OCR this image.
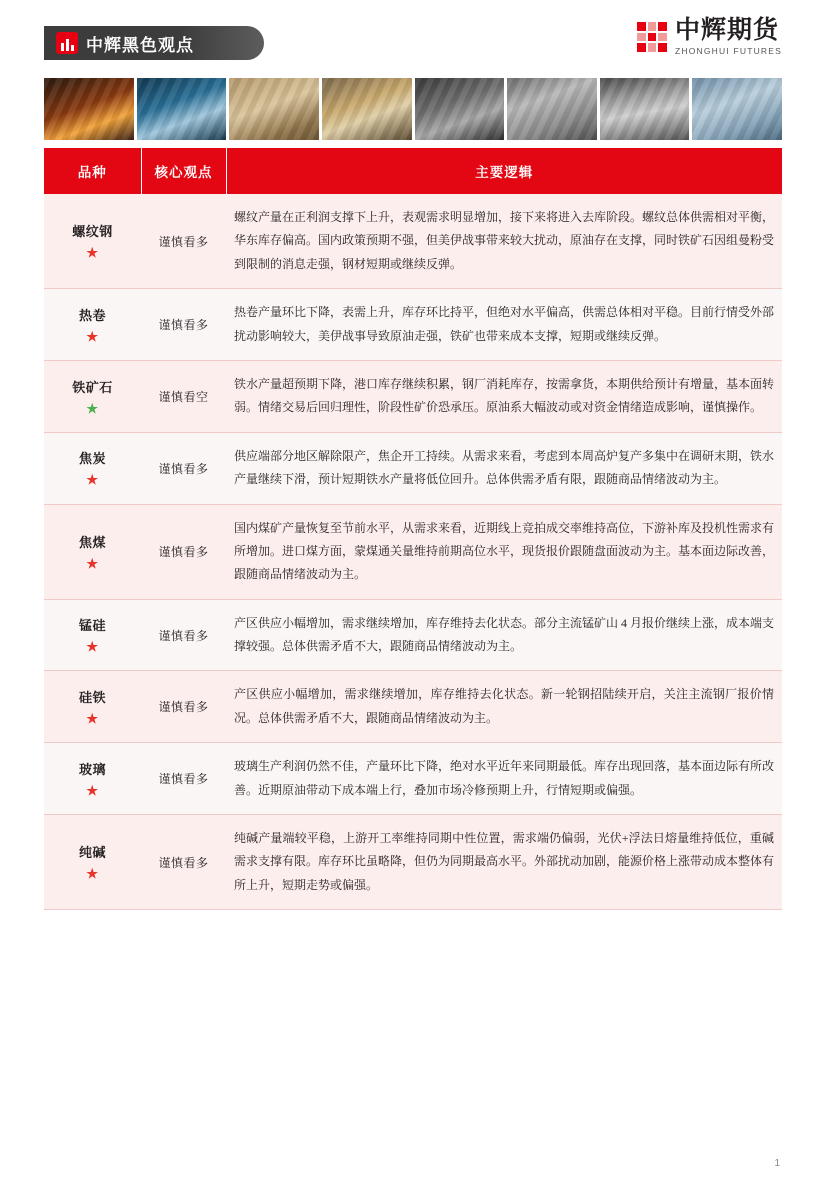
中辉黑色观点
中辉期货
ZHONGHUI FUTURES
品种	核心观点	主要逻辑

螺纹钢
★	谨慎看多	螺纹产量在正利润支撑下上升，表观需求明显增加，接下来将进入去库阶段。螺纹总体供需相对平衡，华东库存偏高。国内政策预期不强，但美伊战事带来较大扰动，原油存在支撑，同时铁矿石因组曼粉受到限制的消息走强，钢材短期或继续反弹。

热卷
★	谨慎看多	热卷产量环比下降，表需上升，库存环比持平，但绝对水平偏高，供需总体相对平稳。目前行情受外部扰动影响较大，美伊战事导致原油走强，铁矿也带来成本支撑，短期或继续反弹。

铁矿石
★	谨慎看空	铁水产量超预期下降，港口库存继续积累，钢厂消耗库存，按需拿货，本期供给预计有增量，基本面转弱。情绪交易后回归理性，阶段性矿价恐承压。原油系大幅波动或对资金情绪造成影响，谨慎操作。

焦炭
★	谨慎看多	供应端部分地区解除限产，焦企开工持续。从需求来看，考虑到本周高炉复产多集中在调研末期，铁水产量继续下滑，预计短期铁水产量将低位回升。总体供需矛盾有限，跟随商品情绪波动为主。

焦煤
★	谨慎看多	国内煤矿产量恢复至节前水平，从需求来看，近期线上竞拍成交率维持高位，下游补库及投机性需求有所增加。进口煤方面，蒙煤通关量维持前期高位水平，现货报价跟随盘面波动为主。基本面边际改善，跟随商品情绪波动为主。

锰硅
★	谨慎看多	产区供应小幅增加，需求继续增加，库存维持去化状态。部分主流锰矿山 4 月报价继续上涨，成本端支撑较强。总体供需矛盾不大，跟随商品情绪波动为主。

硅铁
★	谨慎看多	产区供应小幅增加，需求继续增加，库存维持去化状态。新一轮钢招陆续开启，关注主流钢厂报价情况。总体供需矛盾不大，跟随商品情绪波动为主。

玻璃
★	谨慎看多	玻璃生产利润仍然不佳，产量环比下降，绝对水平近年来同期最低。库存出现回落，基本面边际有所改善。近期原油带动下成本端上行，叠加市场冷修预期上升，行情短期或偏强。

纯碱
★	谨慎看多	纯碱产量端较平稳，上游开工率维持同期中性位置，需求端仍偏弱，光伏+浮法日熔量维持低位，重碱需求支撑有限。库存环比虽略降，但仍为同期最高水平。外部扰动加剧，能源价格上涨带动成本整体有所上升，短期走势或偏强。
1
